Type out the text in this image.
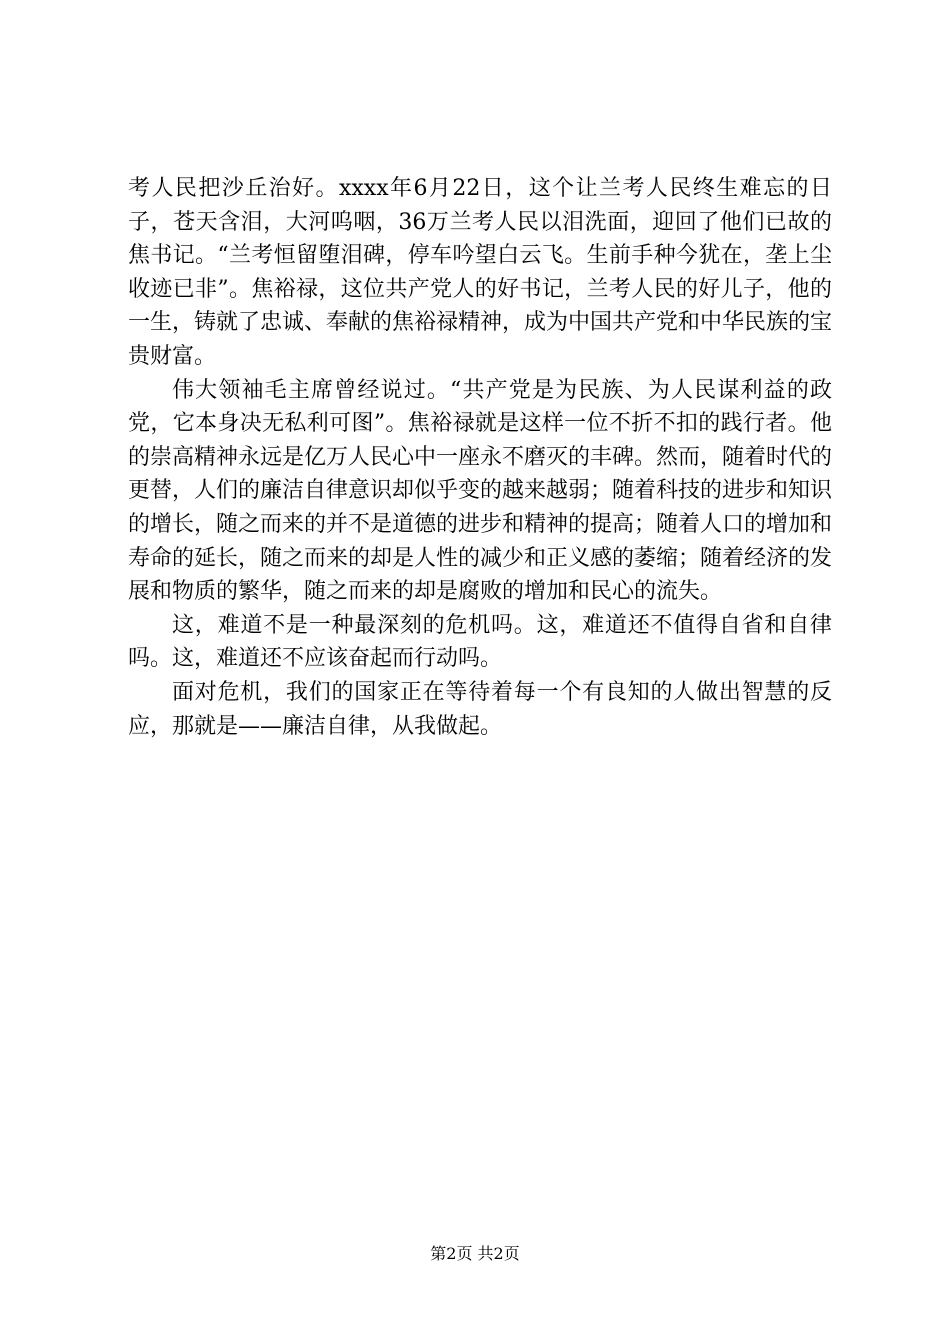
考人民把沙丘治好。xxxx年6月22日，这个让兰考人民终生难忘的日子，苍天含泪，大河呜咽，36万兰考人民以泪洗面，迎回了他们已故的焦书记。“兰考恒留堕泪碑，停车吟望白云飞。生前手种今犹在，垄上尘收迹已非”。焦裕禄，这位共产党人的好书记，兰考人民的好儿子，他的一生，铸就了忠诚、奉献的焦裕禄精神，成为中国共产党和中华民族的宝贵财富。

伟大领袖毛主席曾经说过。“共产党是为民族、为人民谋利益的政党，它本身决无私利可图”。焦裕禄就是这样一位不折不扣的践行者。他的崇高精神永远是亿万人民心中一座永不磨灭的丰碑。然而，随着时代的更替，人们的廉洁自律意识却似乎变的越来越弱；随着科技的进步和知识的增长，随之而来的并不是道德的进步和精神的提高；随着人口的增加和寿命的延长，随之而来的却是人性的减少和正义感的萎缩；随着经济的发展和物质的繁华，随之而来的却是腐败的增加和民心的流失。

这，难道不是一种最深刻的危机吗。这，难道还不值得自省和自律吗。这，难道还不应该奋起而行动吗。

面对危机，我们的国家正在等待着每一个有良知的人做出智慧的反应，那就是——廉洁自律，从我做起。

第2页 共2页
